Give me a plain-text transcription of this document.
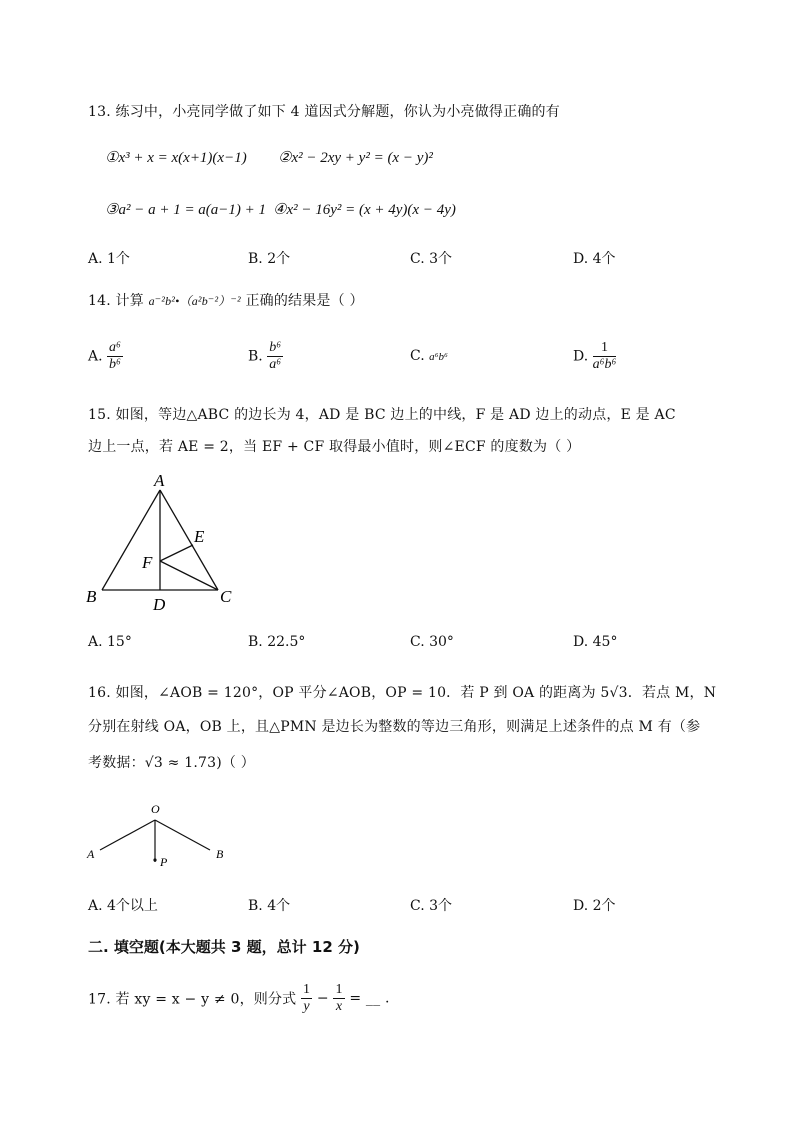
13. 练习中，小亮同学做了如下 4 道因式分解题，你认为小亮做得正确的有
①x³ + x = x(x+1)(x−1) ②x² − 2xy + y² = (x − y)²
③a² − a + 1 = a(a−1) + 1 ④x² − 16y² = (x + 4y)(x − 4y)
A. 1个	B. 2个	C. 3个	D. 4个
14. 计算 a⁻²b²•（a²b⁻²）⁻² 正确的结果是（ ）
A. $\frac{\text{a⁶}}{\text{b⁶}}$	B. $\frac{\text{b⁶}}{\text{a⁶}}$	C. a⁶b⁶	D. $\frac{1}{\text{a⁶b⁶}}$
15. 如图，等边△ABC 的边长为 4，AD 是 BC 边上的中线，F 是 AD 边上的动点，E 是 AC
边上一点，若 AE = 2，当 EF + CF 取得最小值时，则∠ECF 的度数为（ ）
A
B	C
D
E
F
A. 15°	B. 22.5°	C. 30°	D. 45°
16. 如图，∠AOB = 120°，OP 平分∠AOB，OP = 10．若 P 到 OA 的距离为 5√3．若点 M，N
分别在射线 OA，OB 上，且△PMN 是边长为整数的等边三角形，则满足上述条件的点 M 有（参
考数据：√3 ≈ 1.73)（ ）
O
A	B
P
A. 4个以上	B. 4个	C. 3个	D. 2个
二. 填空题(本大题共 3 题，总计 12 分)
17. 若 xy = x − y ≠ 0，则分式 $\frac{1}{y} - \frac{1}{x}$ = __ .
